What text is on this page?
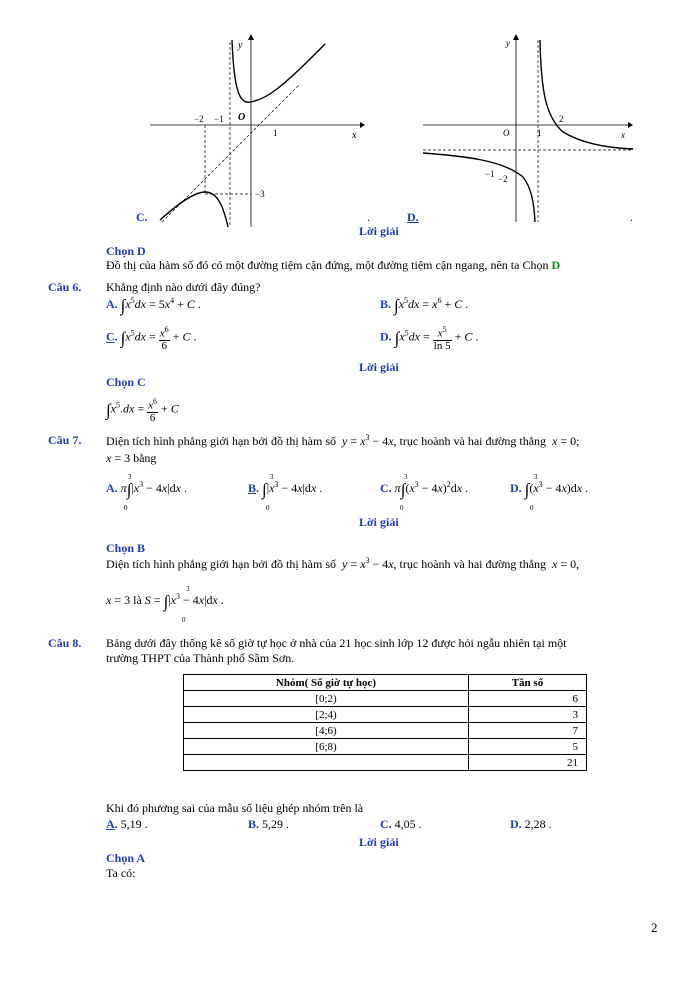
y
x
O
−2 −1
1
−3
C.
y
x
O	1
2
−1 −2
.	D.	.
Lời giải
Chọn D
Đồ thị của hàm số đó có một đường tiệm cận đứng, một đường tiệm cận ngang, nên ta Chọn D
Câu 6. Khẳng định nào dưới đây đúng?
A. $\int x^5dx = 5x^4 + C$ .	B. $\int x^5dx = x^6 + C$ .
C. $\int x^5dx = \frac{x^6}{6} + C$ .	D. $\int x^5dx = \frac{x^5}{\ln 5} + C$ .
Lời giải
Chọn C
$\int x^5.dx = \frac{x^6}{6} + C$
Câu 7. Diện tích hình phẳng giới hạn bởi đồ thị hàm số $y = x^3 - 4x$, trục hoành và hai đường thẳng x = 0;
x = 3 bằng
A. $\pi\int|x^3 - 4x|dx$ .
3
0
B. $\int|x^3 - 4x|dx$ .
3
0
C. $\pi\int(x^3 - 4x)^2dx$ .
3
0
D. $\int(x^3 - 4x)dx$ .
3
0
Lời giải
Chọn B
Diện tích hình phẳng giới hạn bởi đồ thị hàm số $y = x^3 - 4x$, trục hoành và hai đường thẳng x = 0,
x = 3 là $S = \int|x^3 - 4x|dx$ .
3
0
Câu 8. Bảng dưới đây thống kê số giờ tự học ở nhà của 21 học sinh lớp 12 được hỏi ngẫu nhiên tại một
trường THPT của Thành phố Sầm Sơn.
Nhóm( Số giờ tự học)	Tần số
[0;2)	6
[2;4)	3
[4;6)	7
[6;8)	5
	21
Khi đó phương sai của mẫu số liệu ghép nhóm trên là
A. 5,19 .	B. 5,29 .	C. 4,05 .	D. 2,28 .
Lời giải
Chọn A
Ta có:
2
